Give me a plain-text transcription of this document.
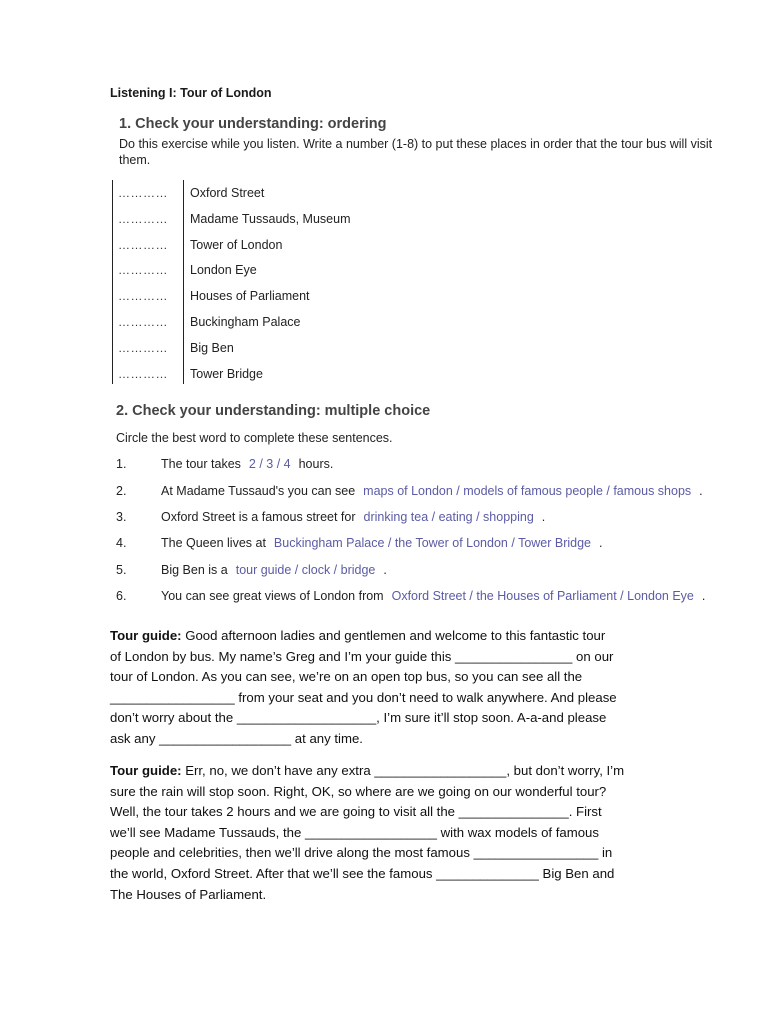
Listening I: Tour of London
1. Check your understanding: ordering
Do this exercise while you listen. Write a number (1-8) to put these places in order that the tour bus will visit them.
………… Oxford Street
………… Madame Tussauds, Museum
………… Tower of London
………… London Eye
………… Houses of Parliament
………… Buckingham Palace
………… Big Ben
………… Tower Bridge
2. Check your understanding: multiple choice
Circle the best word to complete these sentences.
1.	The tour takes 2 / 3 / 4 hours.
2.	At Madame Tussaud's you can see maps of London / models of famous people / famous shops .
3.	Oxford Street is a famous street for drinking tea / eating / shopping .
4.	The Queen lives at Buckingham Palace / the Tower of London / Tower Bridge .
5.	Big Ben is a tour guide / clock / bridge .
6.	You can see great views of London from Oxford Street / the Houses of Parliament / London Eye .
Tour guide: Good afternoon ladies and gentlemen and welcome to this fantastic tour
of London by bus. My name’s Greg and I’m your guide this ________________ on our
tour of London. As you can see, we’re on an open top bus, so you can see all the
_________________ from your seat and you don’t need to walk anywhere. And please
don’t worry about the ___________________, I’m sure it’ll stop soon. A-a-and please
ask any __________________ at any time.
Tour guide: Err, no, we don’t have any extra __________________, but don’t worry, I’m
sure the rain will stop soon. Right, OK, so where are we going on our wonderful tour?
Well, the tour takes 2 hours and we are going to visit all the _______________. First
we’ll see Madame Tussauds, the __________________ with wax models of famous
people and celebrities, then we’ll drive along the most famous _________________ in
the world, Oxford Street. After that we’ll see the famous ______________ Big Ben and
The Houses of Parliament.
